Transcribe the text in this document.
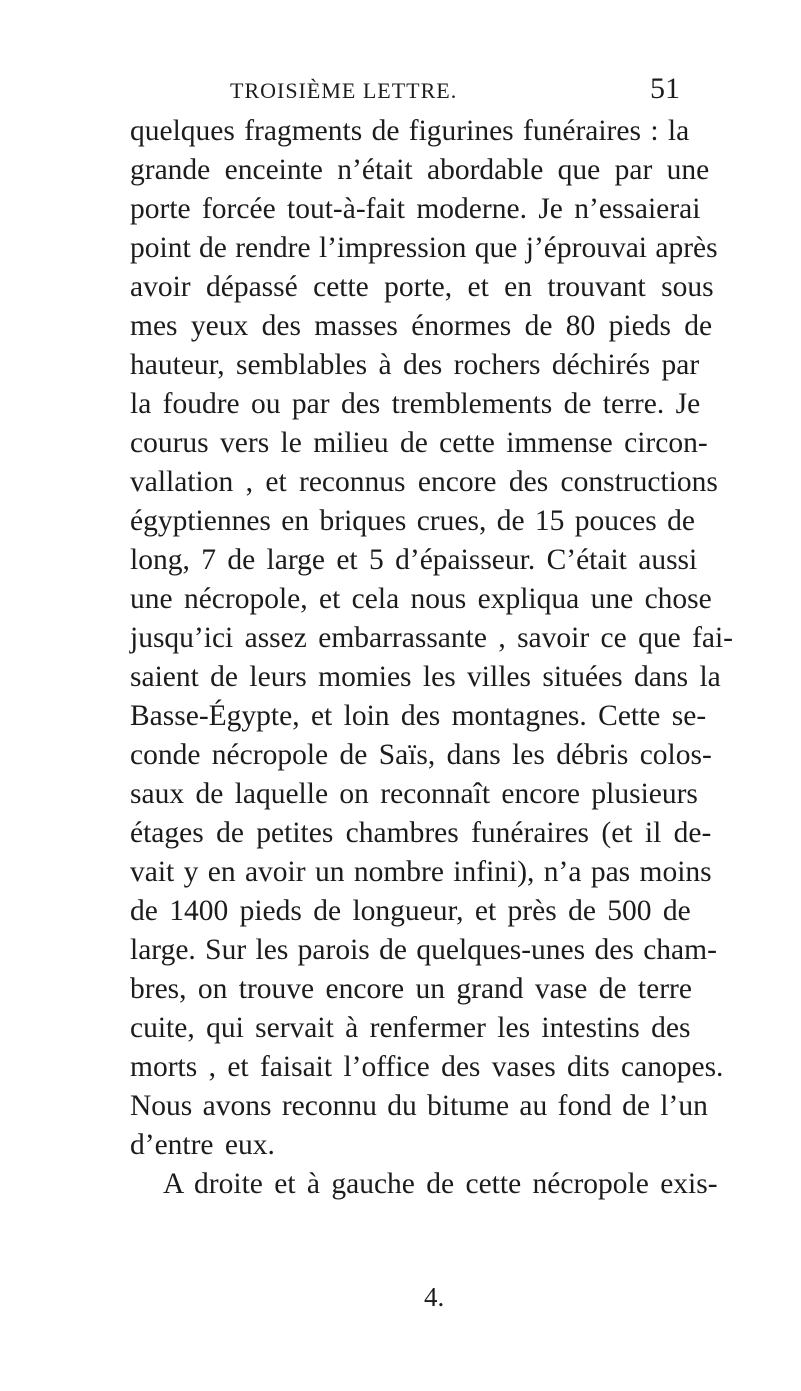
TROISIÈME LETTRE.	51
quelques fragments de figurines funéraires : la
grande enceinte n’était abordable que par une
porte forcée tout-à-fait moderne. Je n’essaierai
point de rendre l’impression que j’éprouvai après
avoir dépassé cette porte, et en trouvant sous
mes yeux des masses énormes de 80 pieds de
hauteur, semblables à des rochers déchirés par
la foudre ou par des tremblements de terre. Je
courus vers le milieu de cette immense circon-
vallation , et reconnus encore des constructions
égyptiennes en briques crues, de 15 pouces de
long, 7 de large et 5 d’épaisseur. C’était aussi
une nécropole, et cela nous expliqua une chose
jusqu’ici assez embarrassante , savoir ce que fai-
saient de leurs momies les villes situées dans la
Basse-Égypte, et loin des montagnes. Cette se-
conde nécropole de Saïs, dans les débris colos-
saux de laquelle on reconnaît encore plusieurs
étages de petites chambres funéraires (et il de-
vait y en avoir un nombre infini), n’a pas moins
de 1400 pieds de longueur, et près de 500 de
large. Sur les parois de quelques-unes des cham-
bres, on trouve encore un grand vase de terre
cuite, qui servait à renfermer les intestins des
morts , et faisait l’office des vases dits canopes.
Nous avons reconnu du bitume au fond de l’un
d’entre eux.
A droite et à gauche de cette nécropole exis-
4.
